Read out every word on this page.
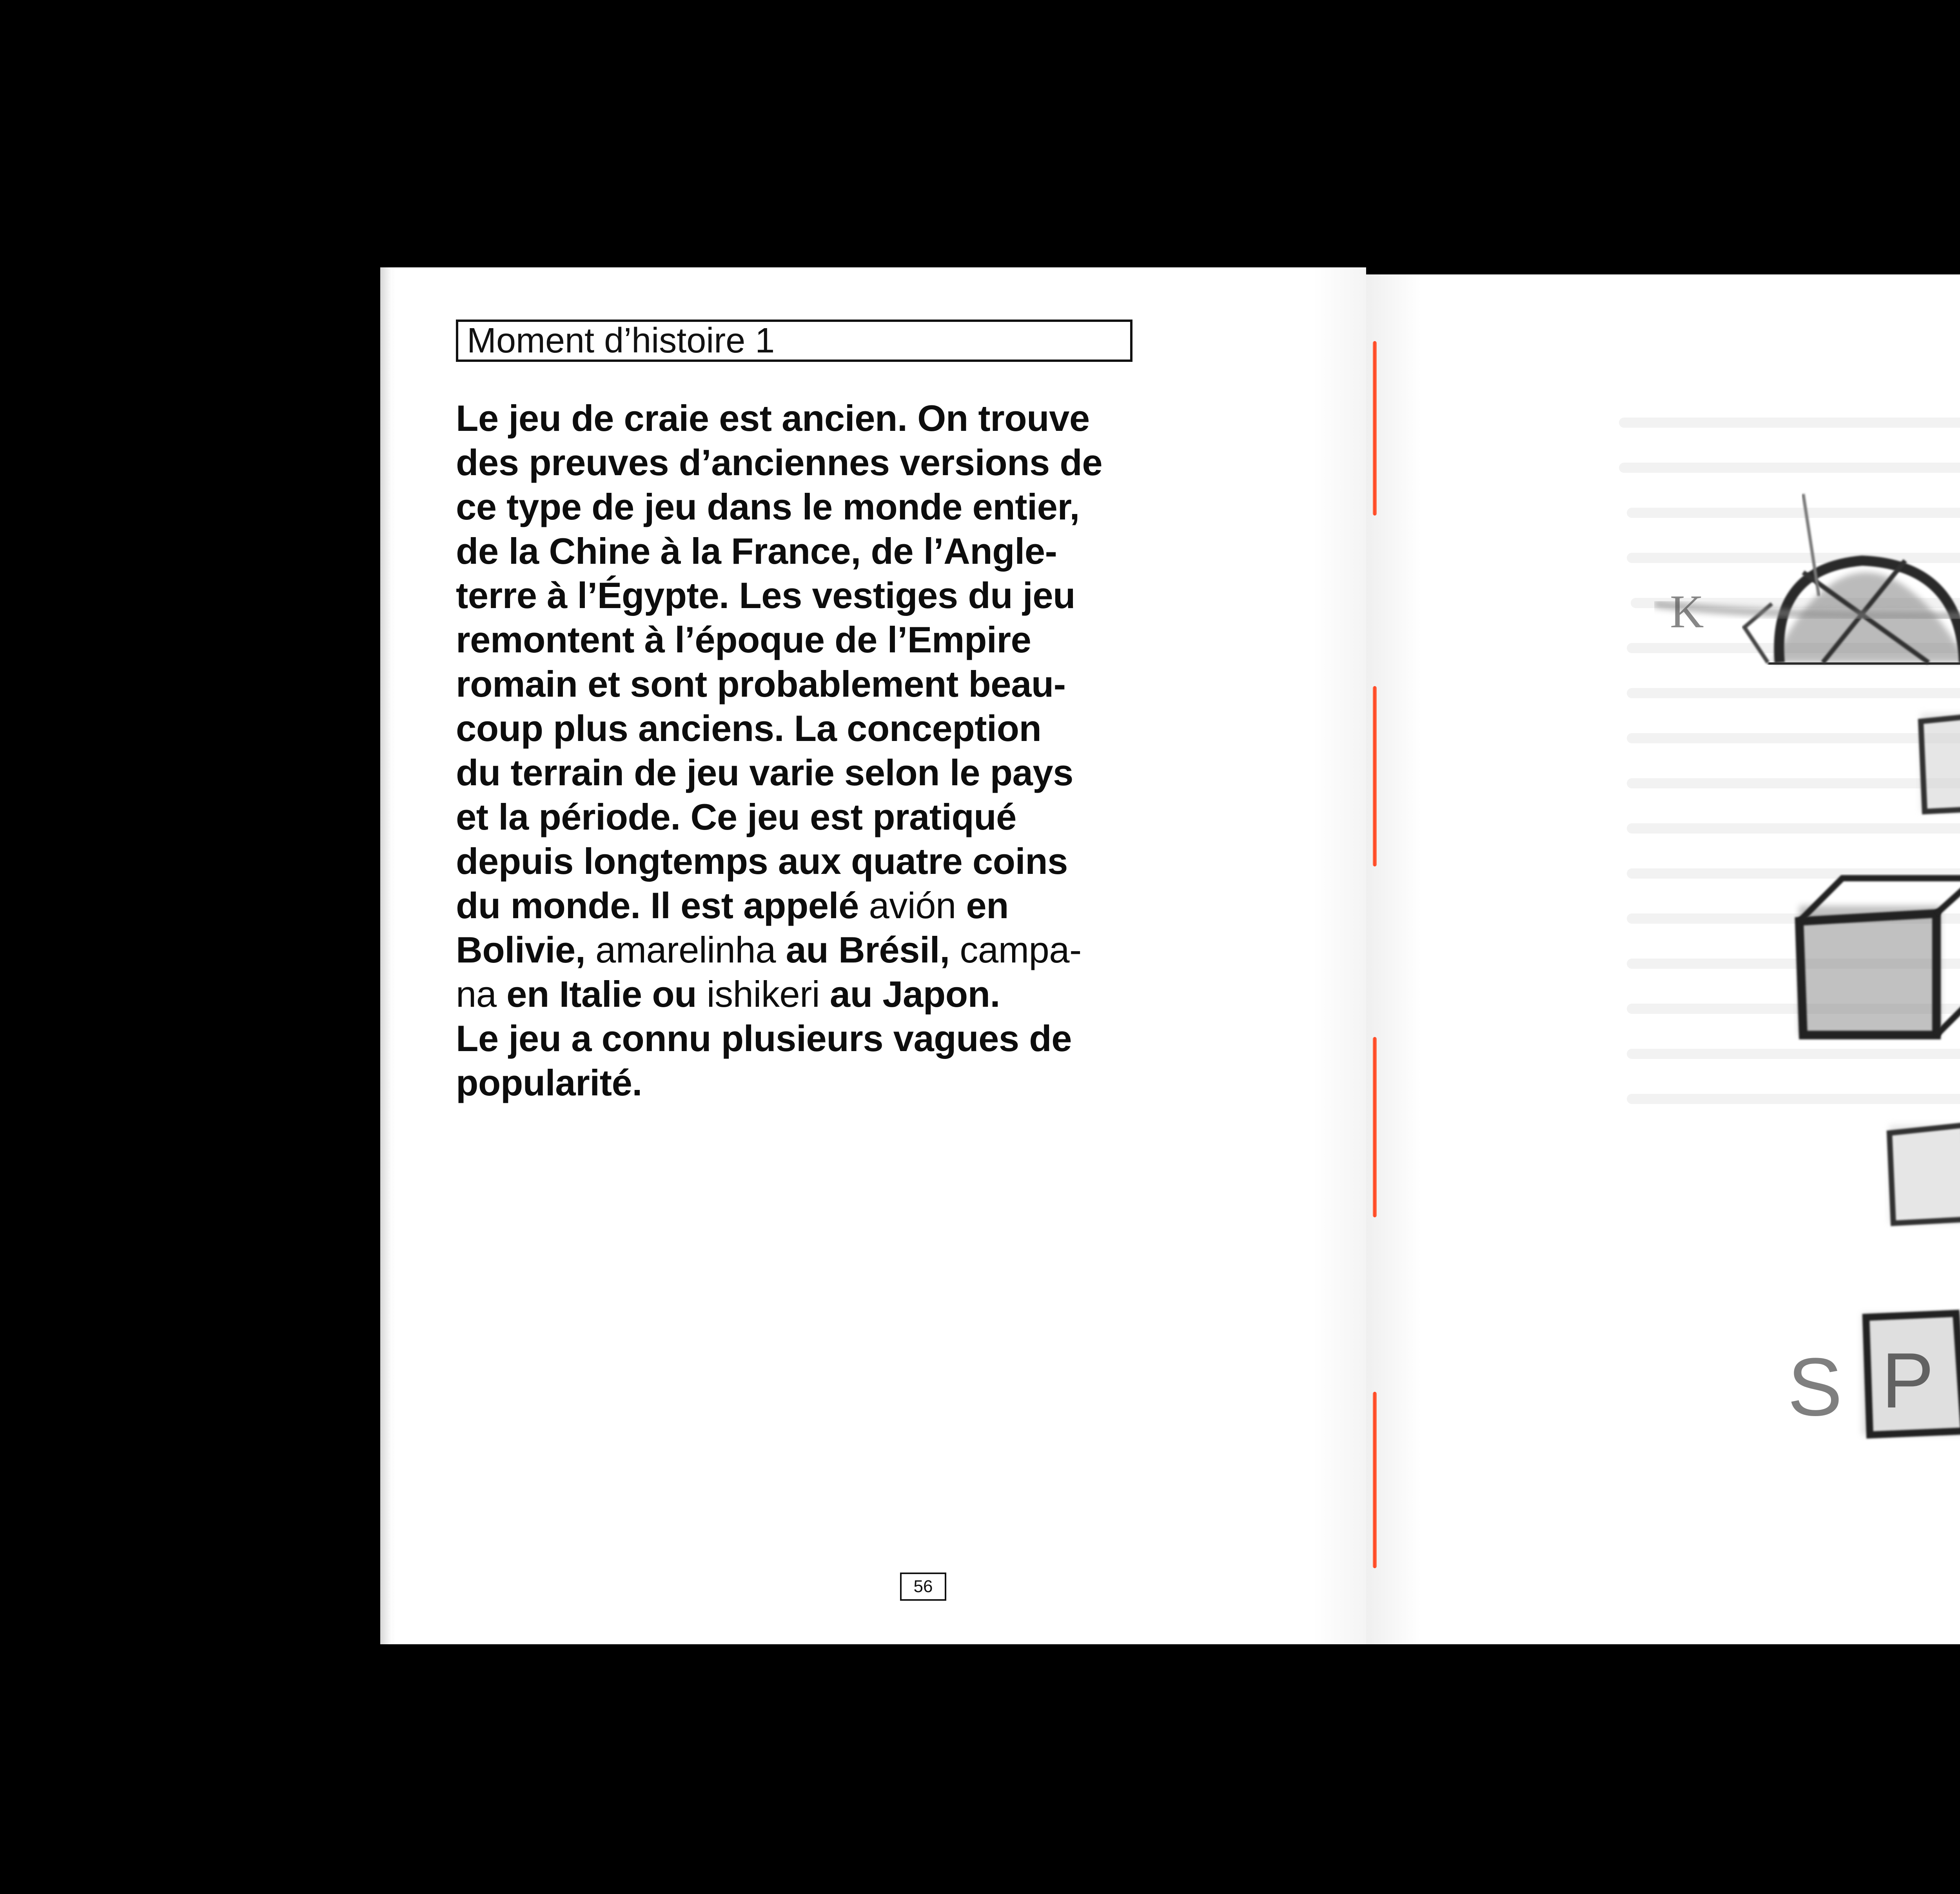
Moment d’histoire 1
Le jeu de craie est ancien. On trouve
des preuves d’anciennes versions de
ce type de jeu dans le monde entier,
de la Chine à la France, de l’Angle-
terre à l’Égypte. Les vestiges du jeu
remontent à l’époque de l’Empire
romain et sont probablement beau-
coup plus anciens. La conception
du terrain de jeu varie selon le pays
et la période. Ce jeu est pratiqué
depuis longtemps aux quatre coins
du monde. Il est appelé avión en
Bolivie, amarelinha au Brésil, campa-
na en Italie ou ishikeri au Japon.
Le jeu a connu plusieurs vagues de
popularité.
56
K
S P
